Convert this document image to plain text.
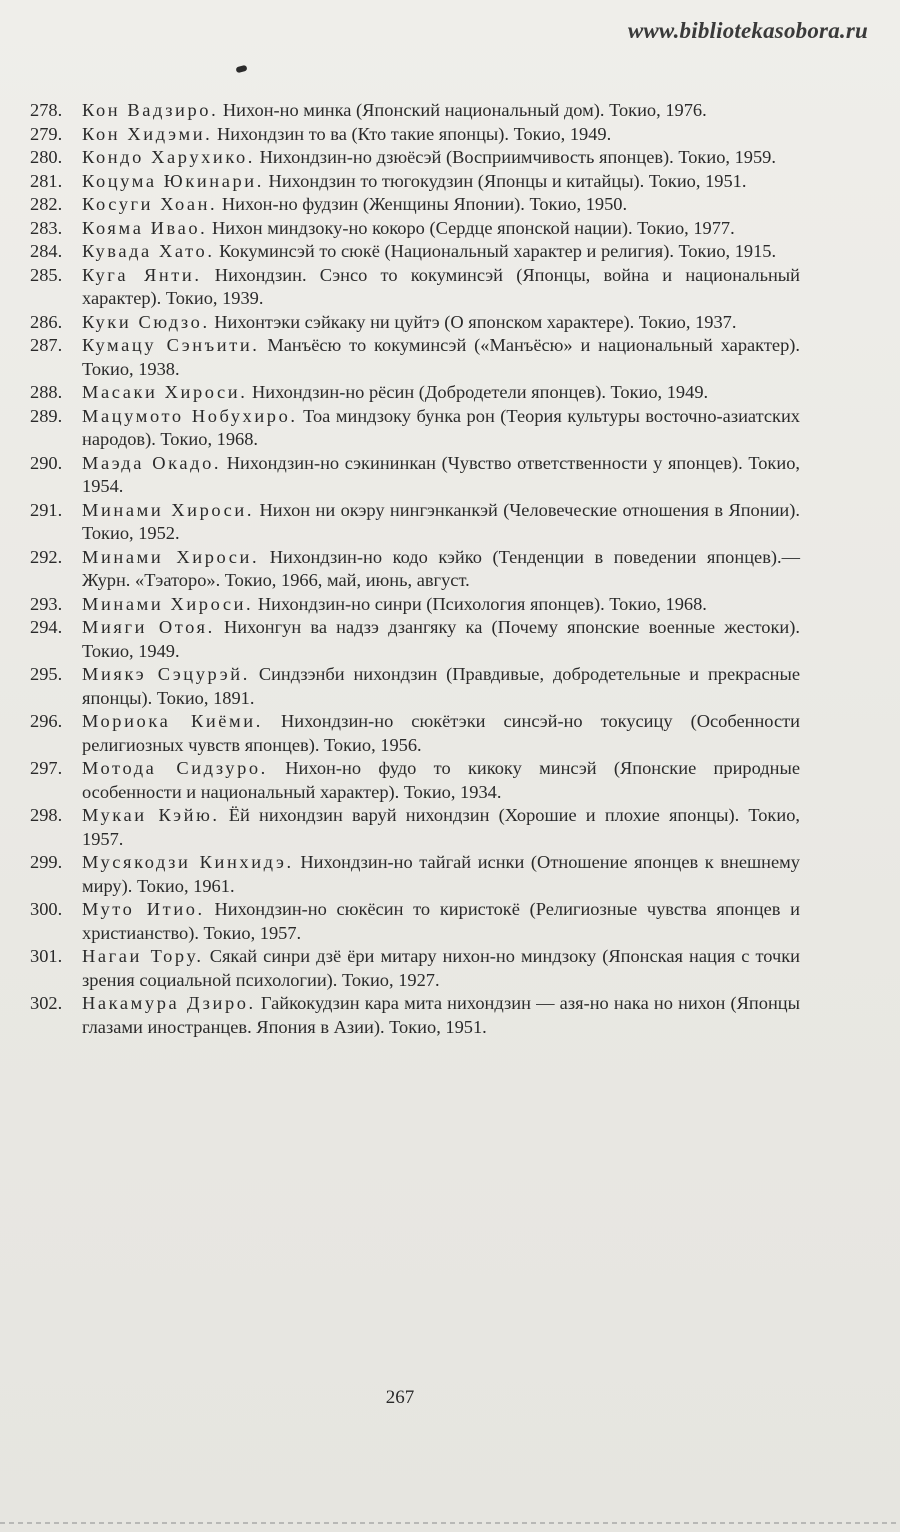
www.bibliotekasobora.ru
278.	Кон Вадзиро. Нихон-но минка (Японский национальный дом). Токио, 1976.
279.	Кон Хидэми. Нихондзин то ва (Кто такие японцы). Токио, 1949.
280.	Кондо Харухико. Нихондзин-но дзюёсэй (Восприимчивость японцев). Токио, 1959.
281.	Коцума Юкинари. Нихондзин то тюгокудзин (Японцы и китайцы). Токио, 1951.
282.	Косуги Хоан. Нихон-но фудзин (Женщины Японии). Токио, 1950.
283.	Коямa Ивао. Нихон миндзоку-но кокоро (Сердце японской нации). Токио, 1977.
284.	Кувада Хато. Кокуминсэй то сюкё (Национальный характер и религия). Токио, 1915.
285.	Куга Янти. Нихондзин. Сэнсо то кокуминсэй (Японцы, война и национальный характер). Токио, 1939.
286.	Куки Сюдзо. Нихонтэки сэйкаку ни цуйтэ (О японском характере). Токио, 1937.
287.	Кумацу Сэнъити. Манъёсю то кокуминсэй («Манъёсю» и национальный характер). Токио, 1938.
288.	Масаки Хироси. Нихондзин-но рёсин (Добродетели японцев). Токио, 1949.
289.	Мацумото Нобухиро. Тоа миндзоку бунка рон (Теория культуры восточно-азиатских народов). Токио, 1968.
290.	Маэда Окадо. Нихондзин-но сэкининкан (Чувство ответственности у японцев). Токио, 1954.
291.	Минами Хироси. Нихон ни окэру нингэнканкэй (Человеческие отношения в Японии). Токио, 1952.
292.	Минами Хироси. Нихондзин-но кодо кэйко (Тенденции в поведении японцев).— Журн. «Тэаторо». Токио, 1966, май, июнь, август.
293.	Минами Хироси. Нихондзин-но синри (Психология японцев). Токио, 1968.
294.	Мияги Отоя. Нихонгун ва надзэ дзангяку ка (Почему японские военные жестоки). Токио, 1949.
295.	Миякэ Сэцурэй. Синдзэнби нихондзин (Правдивые, добродетельные и прекрасные японцы). Токио, 1891.
296.	Мориока Киёми. Нихондзин-но сюкётэки синсэй-но токусицу (Особенности религиозных чувств японцев). Токио, 1956.
297.	Мотода Сидзуро. Нихон-но фудо то кикоку минсэй (Японские природные особенности и национальный характер). Токио, 1934.
298.	Мукаи Кэйю. Ёй нихондзин варуй нихондзин (Хорошие и плохие японцы). Токио, 1957.
299.	Мусякодзи Кинхидэ. Нихондзин-но тайгай иснки (Отношение японцев к внешнему миру). Токио, 1961.
300.	Муто Итио. Нихондзин-но сюкёсин то кириcтокё (Религиозные чувства японцев и христианство). Токио, 1957.
301.	Нагаи Тору. Сякай синри дзё ёри митару нихон-но миндзоку (Японская нация с точки зрения социальной психологии). Токио, 1927.
302.	Накамура Дзиро. Гайкокудзин кара мита нихондзин — азя-но нака но нихон (Японцы глазами иностранцев. Япония в Азии). Токио, 1951.
267
